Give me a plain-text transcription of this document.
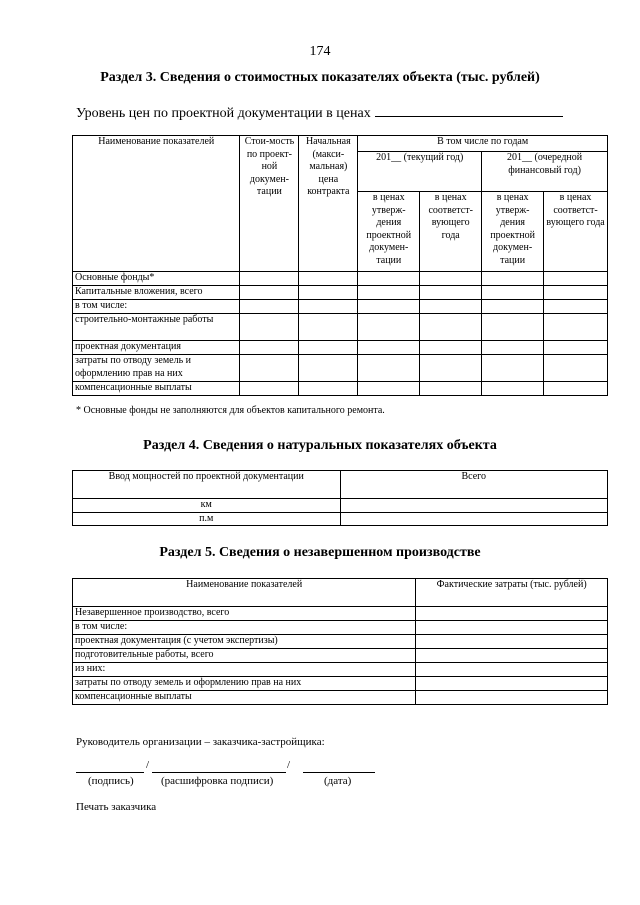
174
Раздел 3. Сведения о стоимостных показателях объекта (тыс. рублей)
Уровень цен по проектной документации в ценах
Наименование показателей	Стои-мость по проект-ной докумен-тации	Начальная (макси-мальная) цена контракта	В том числе по годам			
			201__ (текущий год)		201__ (очередной финансовый год)	
			в ценах утверж-дения проектной докумен-тации	в ценах соответст-вующего года	в ценах утверж-дения проектной докумен-тации	в ценах соответст-вующего года
Основные фонды*						
Капитальные вложения, всего						
в том числе:						
строительно-монтажные работы						
проектная документация						
затраты по отводу земель и оформлению прав на них						
компенсационные выплаты						
* Основные фонды не заполняются для объектов капитального ремонта.
Раздел 4. Сведения о натуральных показателях объекта
Ввод мощностей по проектной документации	Всего
км	
п.м	
Раздел 5. Сведения о незавершенном производстве
Наименование показателей	Фактические затраты (тыс. рублей)
Незавершенное производство, всего	
в том числе:	
проектная документация (с учетом экспертизы)	
подготовительные работы, всего	
из них:	
затраты по отводу земель и оформлению прав на них	
компенсационные выплаты	
Руководитель организации – заказчика-застройщика:
/	/
(подпись) (расшифровка подписи)	(дата)
Печать заказчика
